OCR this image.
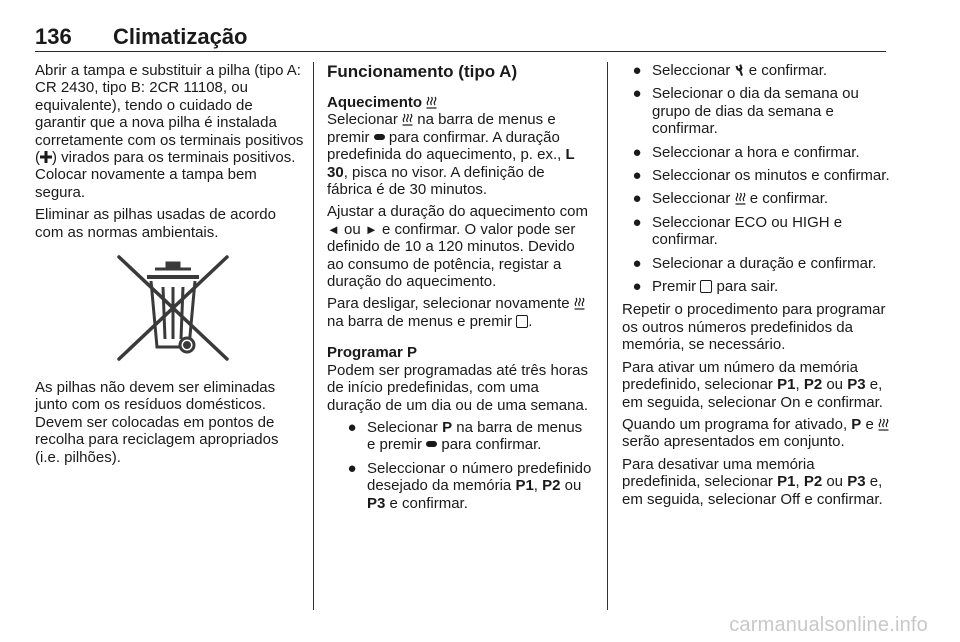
136 Climatização

Abrir a tampa e substituir a pilha (tipo A: CR 2430, tipo B: 2CR 11108, ou equivalente), tendo o cuidado de garantir que a nova pilha é instalada corretamente com os terminais positivos ( ) virados para os terminais positivos. Colocar novamente a tampa bem segura.

Eliminar as pilhas usadas de acordo com as normas ambientais.

As pilhas não devem ser eliminadas junto com os resíduos domésticos. Devem ser colocadas em pontos de recolha para reciclagem apropriados (i.e. pilhões).

Funcionamento (tipo A)

Aquecimento

Selecionar na barra de menus e premir para confirmar. A duração predefinida do aquecimento, p. ex., L 30, pisca no visor. A definição de fábrica é de 30 minutos.

Ajustar a duração do aquecimento com ◄ ou ► e confirmar. O valor pode ser definido de 10 a 120 minutos. Devido ao consumo de potência, registar a duração do aquecimento.

Para desligar, selecionar novamente  na barra de menus e premir .

Programar P

Podem ser programadas até três horas de início predefinidas, com uma duração de um dia ou de uma semana.

● Selecionar P na barra de menus e premir para confirmar.
● Seleccionar o número predefinido desejado da memória P1, P2 ou P3 e confirmar.
● Seleccionar e confirmar.
● Selecionar o dia da semana ou grupo de dias da semana e confirmar.
● Seleccionar a hora e confirmar.
● Seleccionar os minutos e confirmar.
● Seleccionar e confirmar.
● Seleccionar ECO ou HIGH e confirmar.
● Selecionar a duração e confirmar.
● Premir para sair.

Repetir o procedimento para programar os outros números predefinidos da memória, se necessário.

Para ativar um número da memória predefinido, selecionar P1, P2 ou P3 e, em seguida, selecionar On e confirmar.

Quando um programa for ativado, P e  serão apresentados em conjunto.

Para desativar uma memória predefinida, selecionar P1, P2 ou P3 e, em seguida, selecionar Off e confirmar.

carmanualsonline.info
